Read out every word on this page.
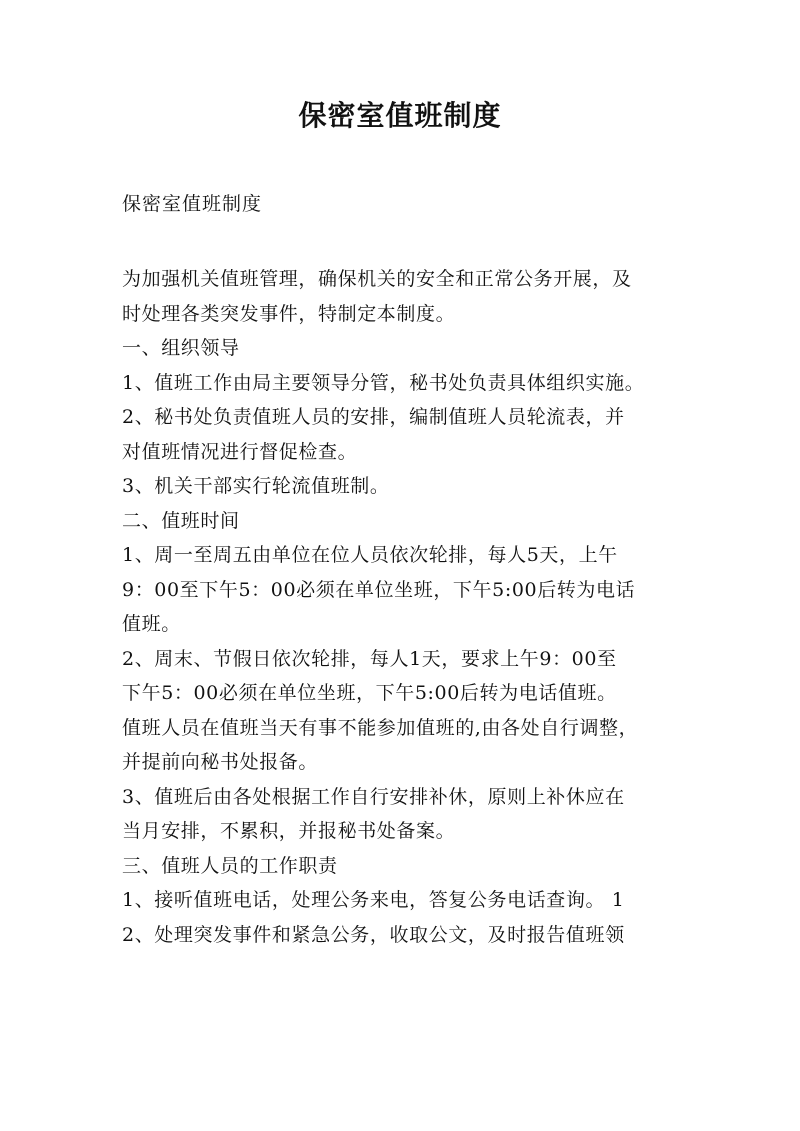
保密室值班制度
保密室值班制度
为加强机关值班管理，确保机关的安全和正常公务开展，及
时处理各类突发事件，特制定本制度。
一、组织领导
1、值班工作由局主要领导分管，秘书处负责具体组织实施。
2、秘书处负责值班人员的安排，编制值班人员轮流表，并
对值班情况进行督促检查。
3、机关干部实行轮流值班制。
二、值班时间
1、周一至周五由单位在位人员依次轮排，每人5天，上午
9：00至下午5：00必须在单位坐班，下午5:00后转为电话
值班。
2、周末、节假日依次轮排，每人1天，要求上午9：00至
下午5：00必须在单位坐班，下午5:00后转为电话值班。
值班人员在值班当天有事不能参加值班的,由各处自行调整，
并提前向秘书处报备。
3、值班后由各处根据工作自行安排补休，原则上补休应在
当月安排，不累积，并报秘书处备案。
三、值班人员的工作职责
1、接听值班电话，处理公务来电，答复公务电话查询。 1
2、处理突发事件和紧急公务，收取公文，及时报告值班领
